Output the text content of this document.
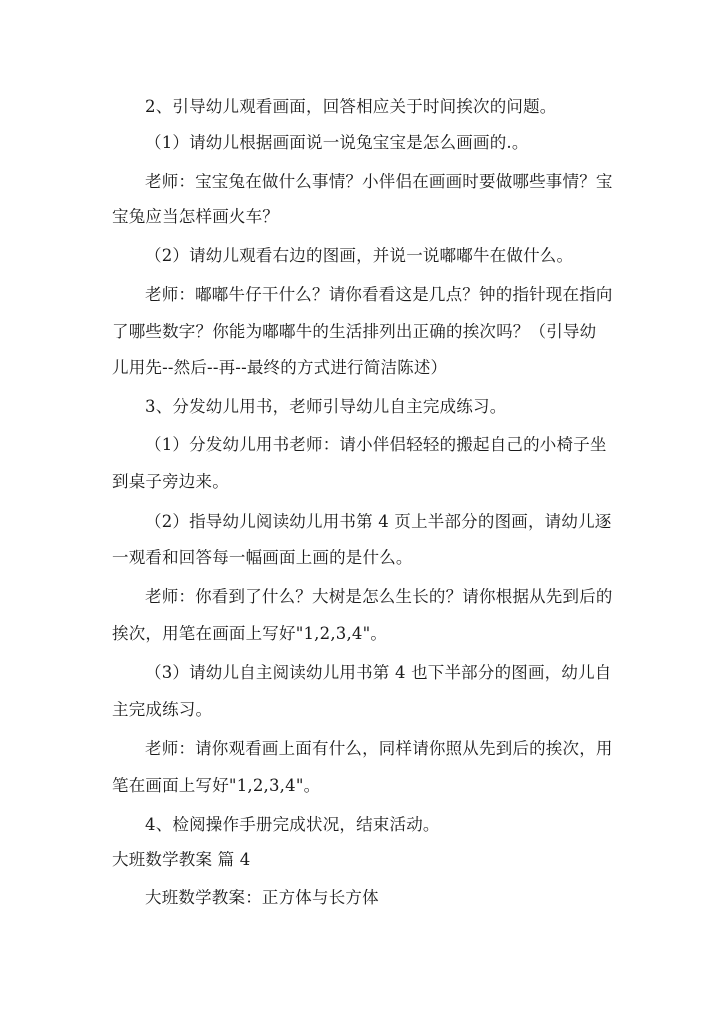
2、引导幼儿观看画面，回答相应关于时间挨次的问题。
（1）请幼儿根据画面说一说兔宝宝是怎么画画的.。
老师：宝宝兔在做什么事情？小伴侣在画画时要做哪些事情？宝
宝兔应当怎样画火车？
（2）请幼儿观看右边的图画，并说一说嘟嘟牛在做什么。
老师：嘟嘟牛仔干什么？请你看看这是几点？钟的指针现在指向
了哪些数字？你能为嘟嘟牛的生活排列出正确的挨次吗？（引导幼
儿用先--然后--再--最终的方式进行简洁陈述）
3、分发幼儿用书，老师引导幼儿自主完成练习。
（1）分发幼儿用书老师：请小伴侣轻轻的搬起自己的小椅子坐
到桌子旁边来。
（2）指导幼儿阅读幼儿用书第 4 页上半部分的图画，请幼儿逐
一观看和回答每一幅画面上画的是什么。
老师：你看到了什么？大树是怎么生长的？请你根据从先到后的
挨次，用笔在画面上写好"1,2,3,4"。
（3）请幼儿自主阅读幼儿用书第 4 也下半部分的图画，幼儿自
主完成练习。
老师：请你观看画上面有什么，同样请你照从先到后的挨次，用
笔在画面上写好"1,2,3,4"。
4、检阅操作手册完成状况，结束活动。
大班数学教案 篇 4
大班数学教案：正方体与长方体
